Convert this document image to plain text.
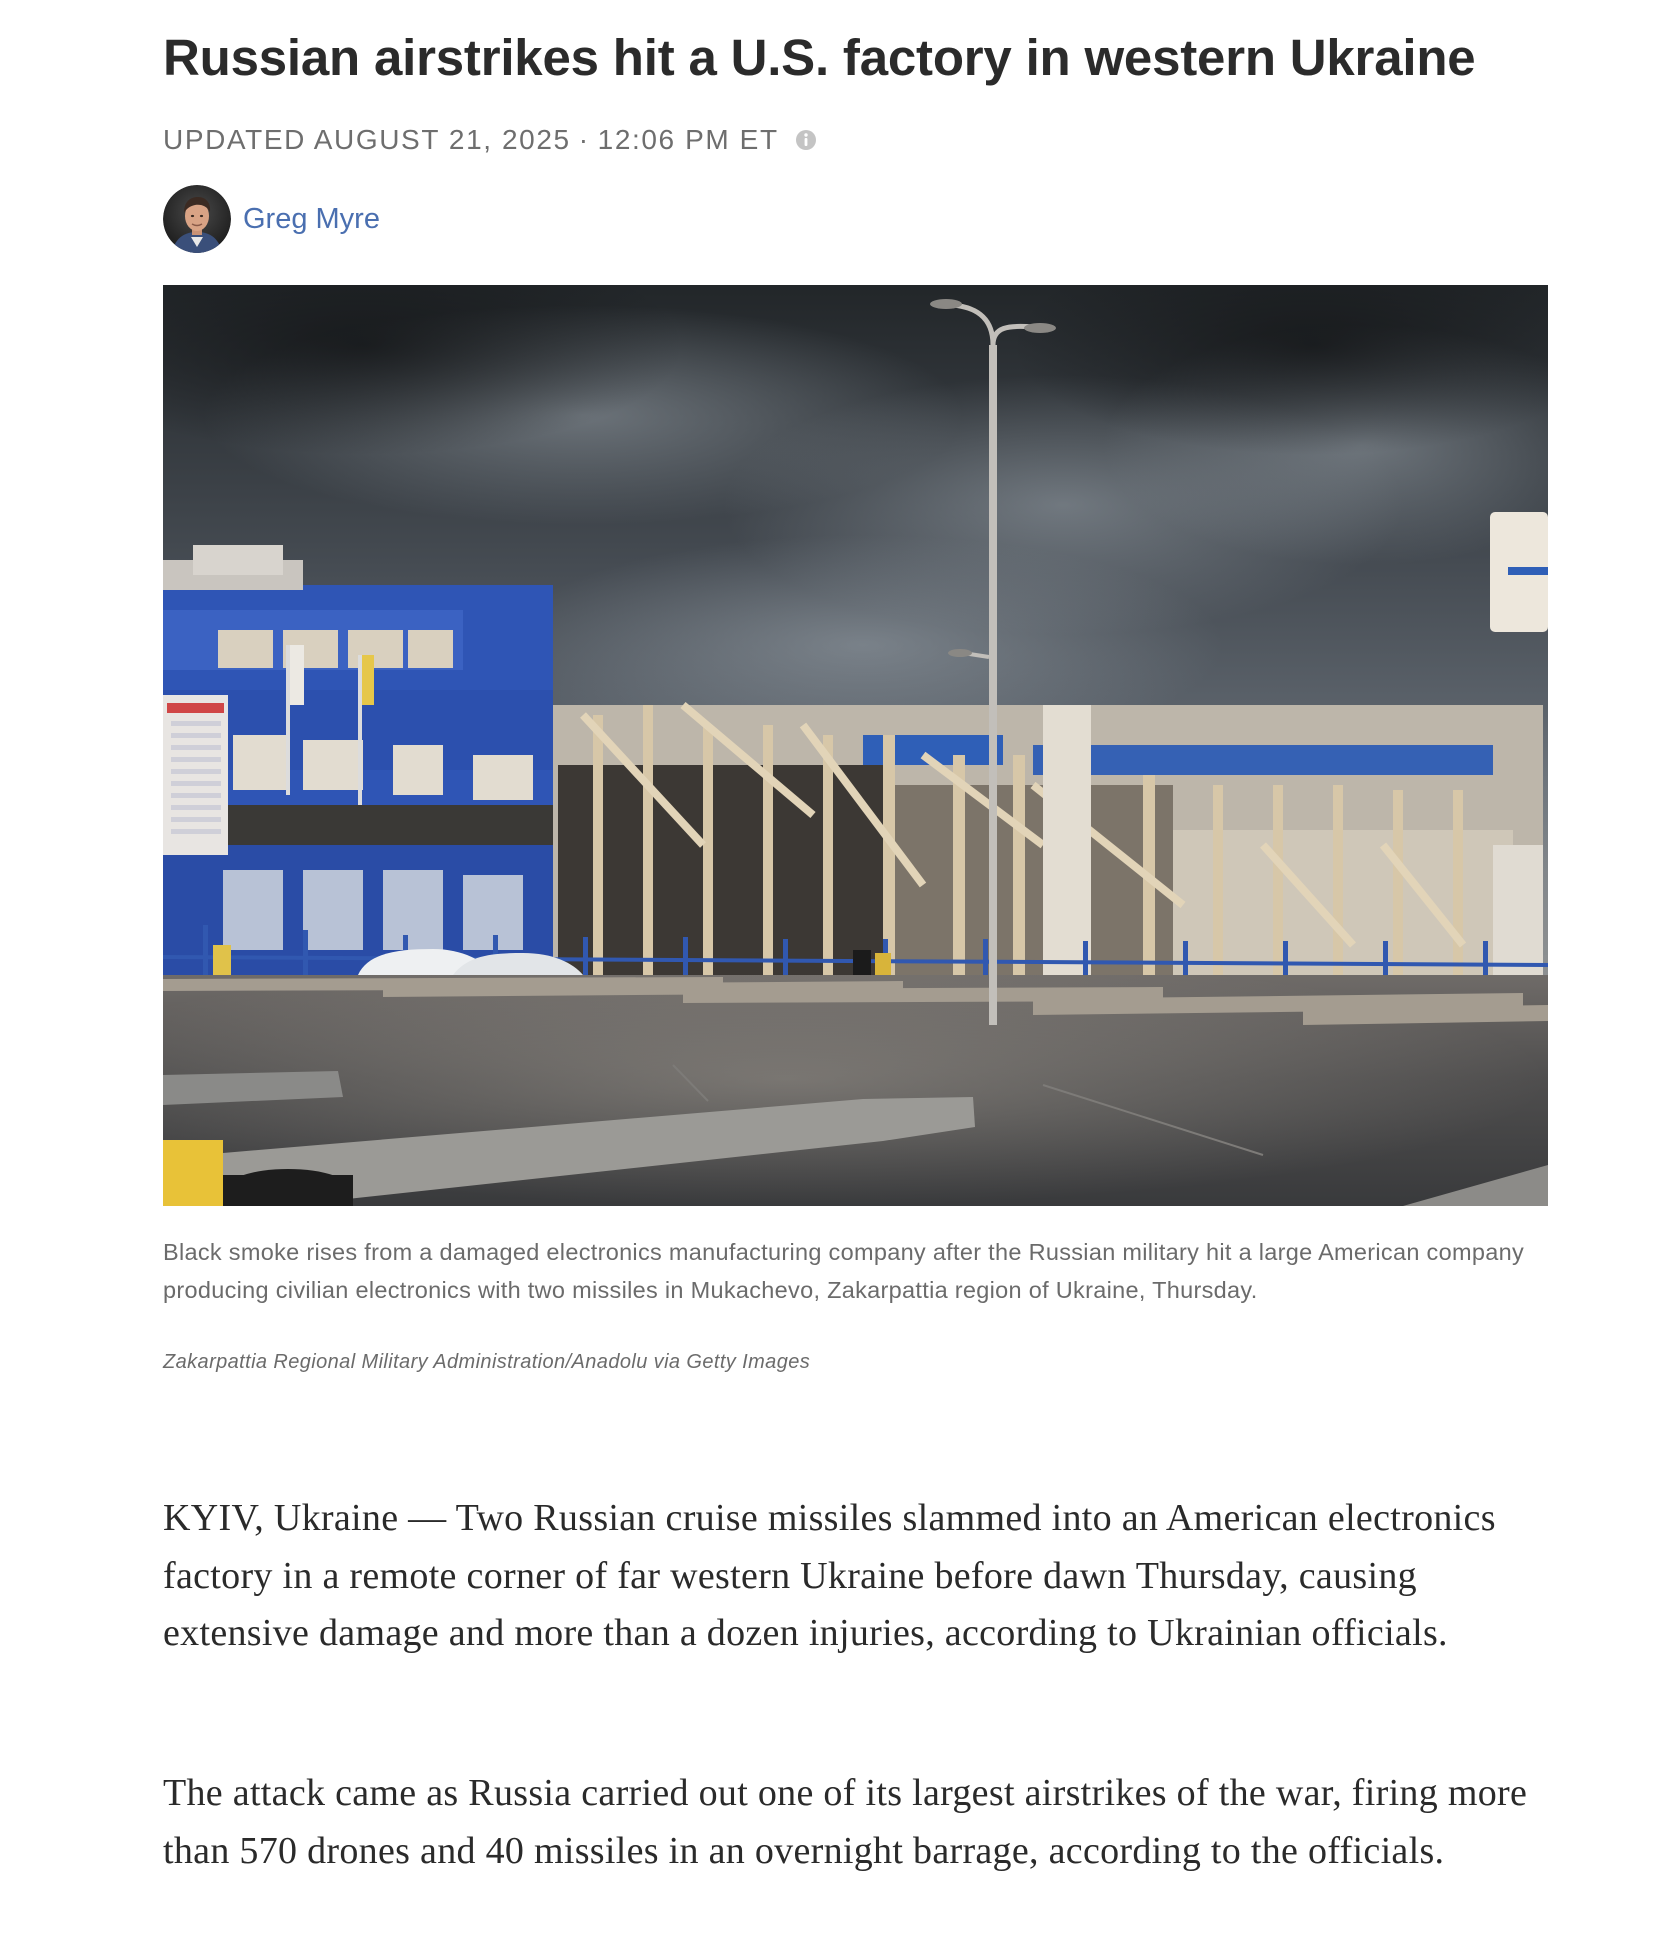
Russian airstrikes hit a U.S. factory in western Ukraine
UPDATED AUGUST 21, 2025 · 12:06 PM ET
Greg Myre

Black smoke rises from a damaged electronics manufacturing company after the Russian military hit a large American company producing civilian electronics with two missiles in Mukachevo, Zakarpattia region of Ukraine, Thursday.

Zakarpattia Regional Military Administration/Anadolu via Getty Images

KYIV, Ukraine — Two Russian cruise missiles slammed into an American electronics factory in a remote corner of far western Ukraine before dawn Thursday, causing extensive damage and more than a dozen injuries, according to Ukrainian officials.

The attack came as Russia carried out one of its largest airstrikes of the war, firing more than 570 drones and 40 missiles in an overnight barrage, according to the officials.
